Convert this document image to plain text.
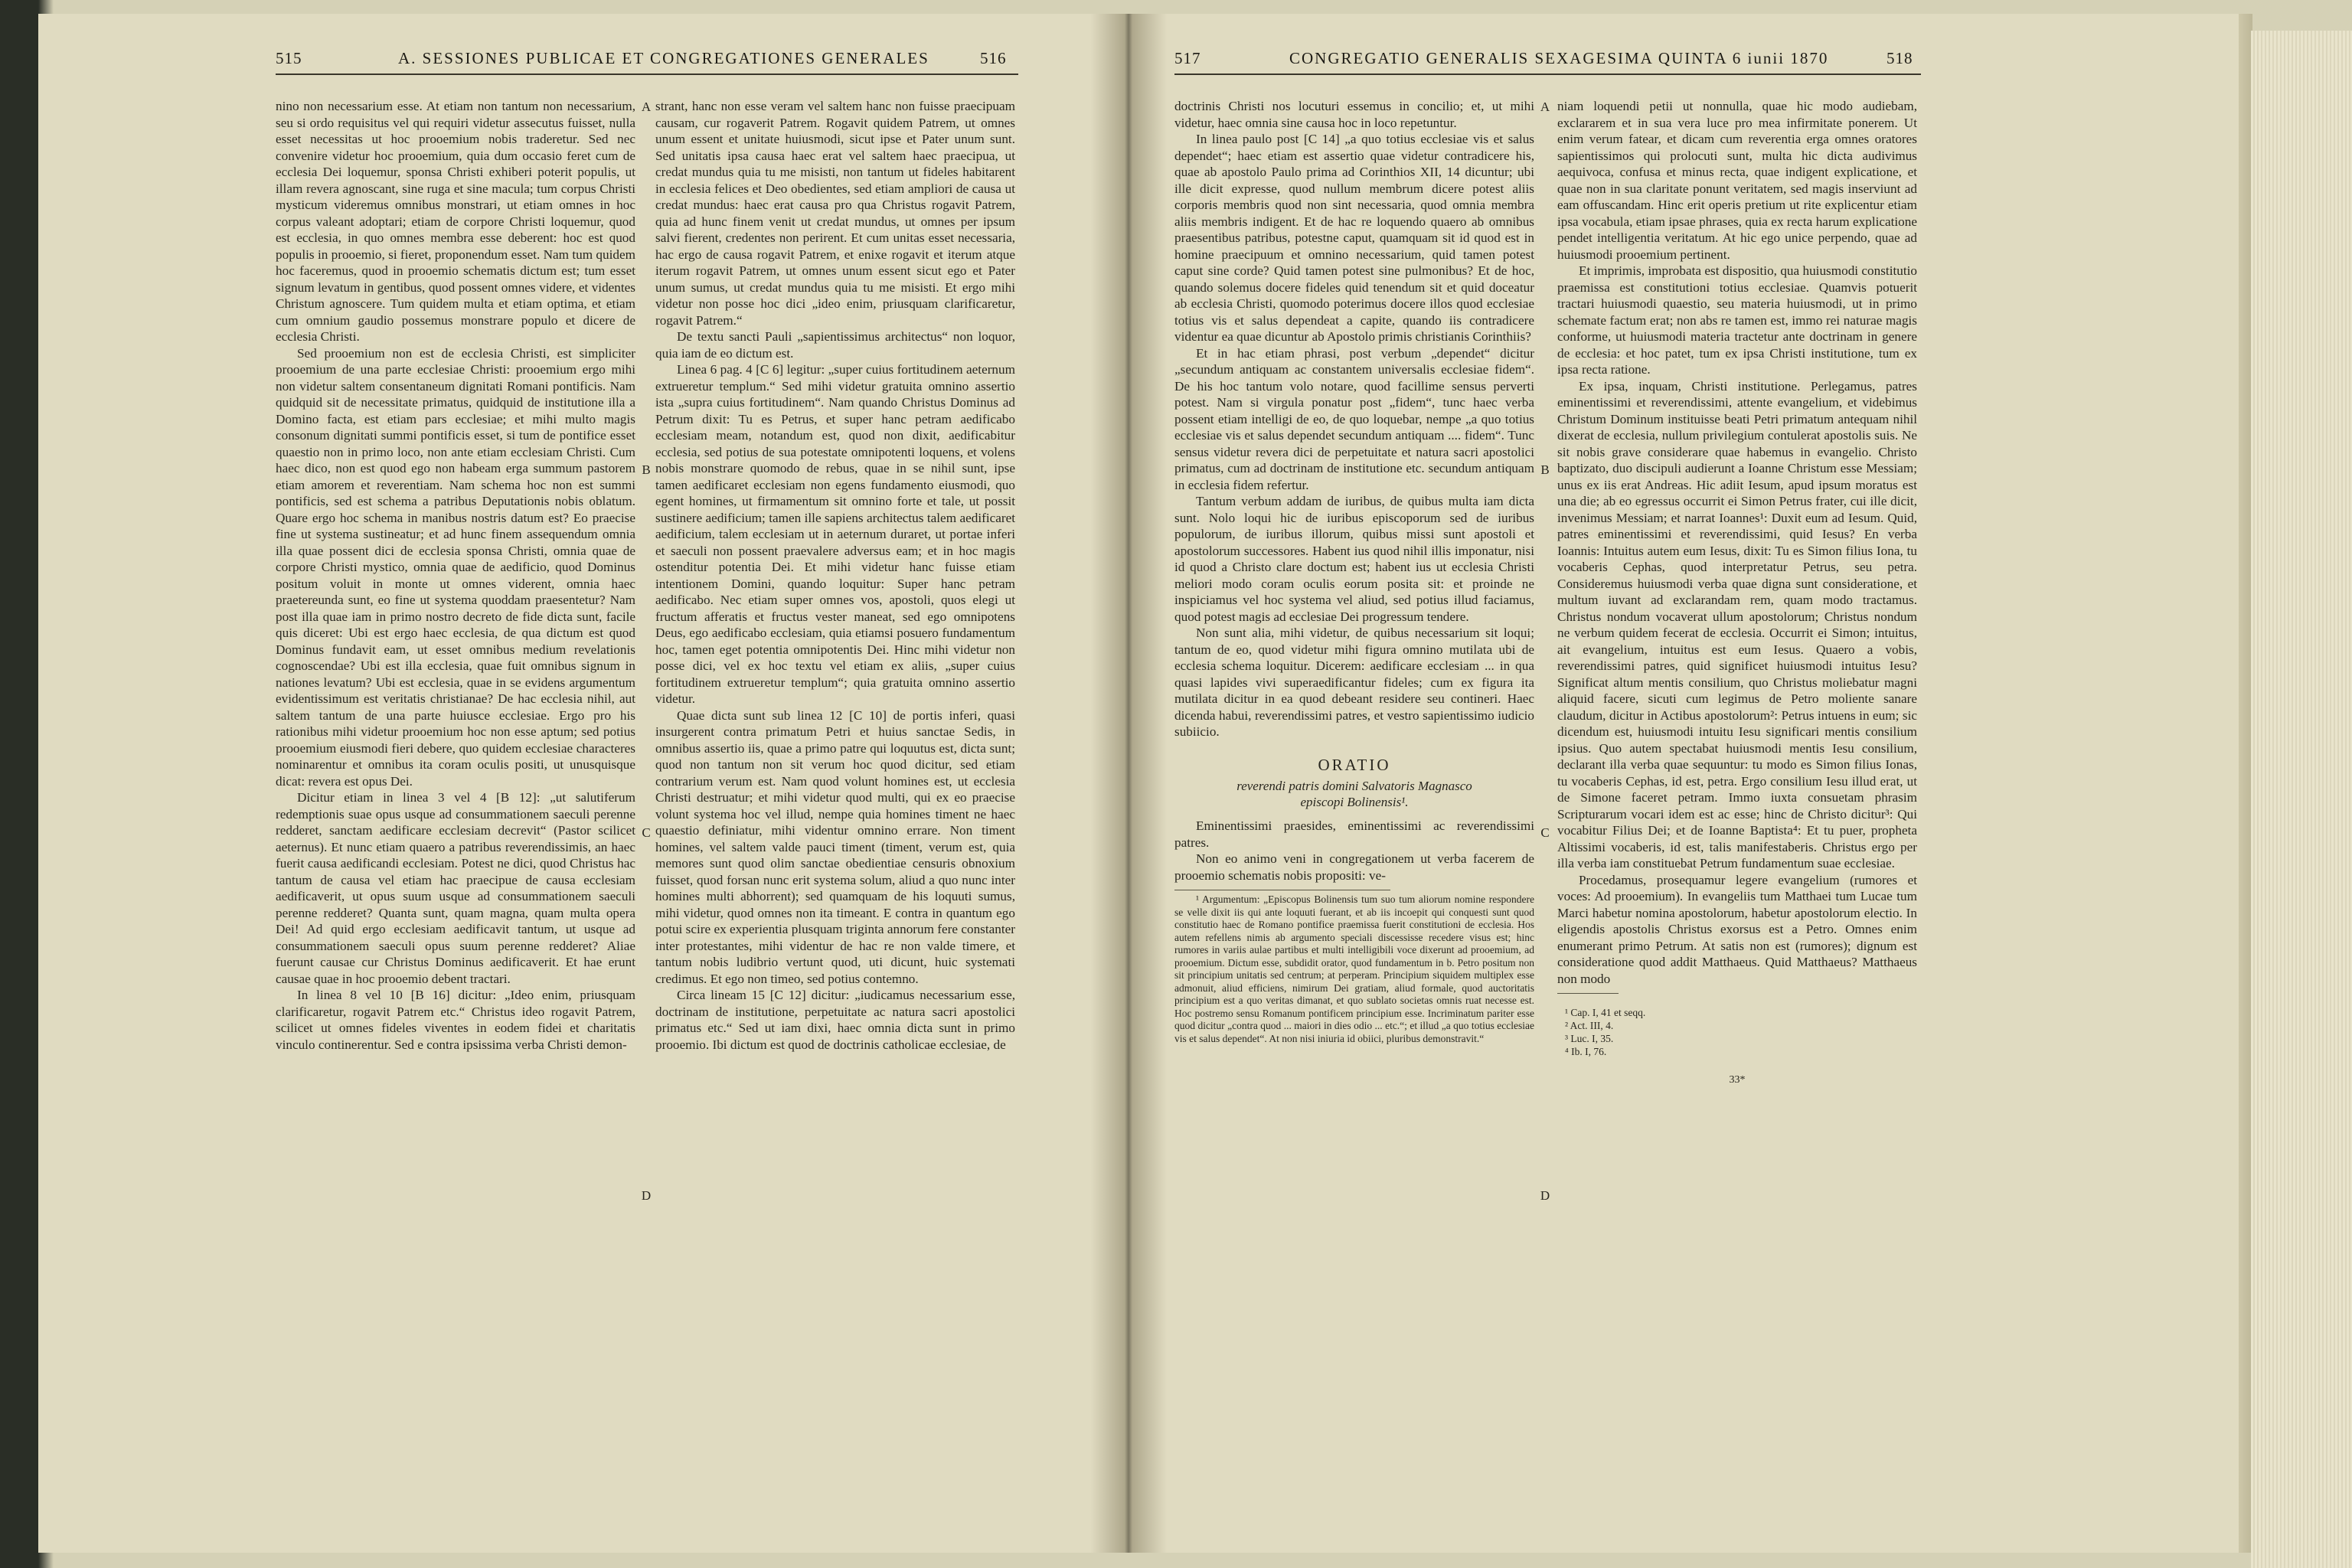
515	A. SESSIONES PUBLICAE ET CONGREGATIONES GENERALES	516

nino non necessarium esse. At etiam non tantum non necessarium, seu si ordo requisitus vel qui requiri videtur assecutus fuisset, nulla esset necessitas ut hoc prooemium nobis traderetur. Sed nec convenire videtur hoc prooemium, quia dum occasio feret cum de ecclesia Dei loquemur, sponsa Christi exhiberi poterit populis, ut illam revera agnoscant, sine ruga et sine macula; tum corpus Christi mysticum videremus omnibus monstrari, ut etiam omnes in hoc corpus valeant adoptari; etiam de corpore Christi loquemur, quod est ecclesia, in quo omnes membra esse deberent: hoc est quod populis in prooemio, si fieret, proponendum esset. Nam tum quidem hoc faceremus, quod in prooemio schematis dictum est; tum esset signum levatum in gentibus, quod possent omnes videre, et videntes Christum agnoscere. Tum quidem multa et etiam optima, et etiam cum omnium gaudio possemus monstrare populo et dicere de ecclesia Christi.

Sed prooemium non est de ecclesia Christi, est simpliciter prooemium de una parte ecclesiae Christi: prooemium ergo mihi non videtur saltem consentaneum dignitati Romani pontificis. Nam quidquid sit de necessitate primatus, quidquid de institutione illa a Domino facta, est etiam pars ecclesiae; et mihi multo magis consonum dignitati summi pontificis esset, si tum de pontifice esset quaestio non in primo loco, non ante etiam ecclesiam Christi. Cum haec dico, non est quod ego non habeam erga summum pastorem etiam amorem et reverentiam. Nam schema hoc non est summi pontificis, sed est schema a patribus Deputationis nobis oblatum. Quare ergo hoc schema in manibus nostris datum est? Eo praecise fine ut systema sustineatur; et ad hunc finem assequendum omnia illa quae possent dici de ecclesia sponsa Christi, omnia quae de corpore Christi mystico, omnia quae de aedificio, quod Dominus positum voluit in monte ut omnes viderent, omnia haec praetereunda sunt, eo fine ut systema quoddam praesentetur? Nam post illa quae iam in primo nostro decreto de fide dicta sunt, facile quis diceret: Ubi est ergo haec ecclesia, de qua dictum est quod Dominus fundavit eam, ut esset omnibus medium revelationis cognoscendae? Ubi est illa ecclesia, quae fuit omnibus signum in nationes levatum? Ubi est ecclesia, quae in se evidens argumentum evidentissimum est veritatis christianae? De hac ecclesia nihil, aut saltem tantum de una parte huiusce ecclesiae. Ergo pro his rationibus mihi videtur prooemium hoc non esse aptum; sed potius prooemium eiusmodi fieri debere, quo quidem ecclesiae characteres nominarentur et omnibus ita coram oculis positi, ut unusquisque dicat: revera est opus Dei.

Dicitur etiam in linea 3 vel 4 [B 12]: „ut salutiferum redemptionis suae opus usque ad consummationem saeculi perenne redderet, sanctam aedificare ecclesiam decrevit“ (Pastor scilicet aeternus). Et nunc etiam quaero a patribus reverendissimis, an haec fuerit causa aedificandi ecclesiam. Potest ne dici, quod Christus hac tantum de causa vel etiam hac praecipue de causa ecclesiam aedificaverit, ut opus suum usque ad consummationem saeculi perenne redderet? Quanta sunt, quam magna, quam multa opera Dei! Ad quid ergo ecclesiam aedificavit tantum, ut usque ad consummationem saeculi opus suum perenne redderet? Aliae fuerunt causae cur Christus Dominus aedificaverit. Et hae erunt causae quae in hoc prooemio debent tractari.

In linea 8 vel 10 [B 16] dicitur: „Ideo enim, priusquam clarificaretur, rogavit Patrem etc.“ Christus ideo rogavit Patrem, scilicet ut omnes fideles viventes in eodem fidei et charitatis vinculo continerentur. Sed e contra ipsissima verba Christi demon-

A
B
C
D

strant, hanc non esse veram vel saltem hanc non fuisse praecipuam causam, cur rogaverit Patrem. Rogavit quidem Patrem, ut omnes unum essent et unitate huiusmodi, sicut ipse et Pater unum sunt. Sed unitatis ipsa causa haec erat vel saltem haec praecipua, ut credat mundus quia tu me misisti, non tantum ut fideles habitarent in ecclesia felices et Deo obedientes, sed etiam ampliori de causa ut credat mundus: haec erat causa pro qua Christus rogavit Patrem, quia ad hunc finem venit ut credat mundus, ut omnes per ipsum salvi fierent, credentes non perirent. Et cum unitas esset necessaria, hac ergo de causa rogavit Patrem, et enixe rogavit et iterum atque iterum rogavit Patrem, ut omnes unum essent sicut ego et Pater unum sumus, ut credat mundus quia tu me misisti. Et ergo mihi videtur non posse hoc dici „ideo enim, priusquam clarificaretur, rogavit Patrem.“

De textu sancti Pauli „sapientissimus architectus“ non loquor, quia iam de eo dictum est.

Linea 6 pag. 4 [C 6] legitur: „super cuius fortitudinem aeternum extrueretur templum.“ Sed mihi videtur gratuita omnino assertio ista „supra cuius fortitudinem“. Nam quando Christus Dominus ad Petrum dixit: Tu es Petrus, et super hanc petram aedificabo ecclesiam meam, notandum est, quod non dixit, aedificabitur ecclesia, sed potius de sua potestate omnipotenti loquens, et volens nobis monstrare quomodo de rebus, quae in se nihil sunt, ipse tamen aedificaret ecclesiam non egens fundamento eiusmodi, quo egent homines, ut firmamentum sit omnino forte et tale, ut possit sustinere aedificium; tamen ille sapiens architectus talem aedificaret aedificium, talem ecclesiam ut in aeternum duraret, ut portae inferi et saeculi non possent praevalere adversus eam; et in hoc magis ostenditur potentia Dei. Et mihi videtur hanc fuisse etiam intentionem Domini, quando loquitur: Super hanc petram aedificabo. Nec etiam super omnes vos, apostoli, quos elegi ut fructum afferatis et fructus vester maneat, sed ego omnipotens Deus, ego aedificabo ecclesiam, quia etiamsi posuero fundamentum hoc, tamen eget potentia omnipotentis Dei. Hinc mihi videtur non posse dici, vel ex hoc textu vel etiam ex aliis, „super cuius fortitudinem extrueretur templum“; quia gratuita omnino assertio videtur.

Quae dicta sunt sub linea 12 [C 10] de portis inferi, quasi insurgerent contra primatum Petri et huius sanctae Sedis, in omnibus assertio iis, quae a primo patre qui loquutus est, dicta sunt; quod non tantum non sit verum hoc quod dicitur, sed etiam contrarium verum est. Nam quod volunt homines est, ut ecclesia Christi destruatur; et mihi videtur quod multi, qui ex eo praecise volunt systema hoc vel illud, nempe quia homines timent ne haec quaestio definiatur, mihi videntur omnino errare. Non timent homines, vel saltem valde pauci timent (timent, verum est, quia memores sunt quod olim sanctae obedientiae censuris obnoxium fuisset, quod forsan nunc erit systema solum, aliud a quo nunc inter homines multi abhorrent); sed quamquam de his loquuti sumus, mihi videtur, quod omnes non ita timeant. E contra in quantum ego potui scire ex experientia plusquam triginta annorum fere constanter inter protestantes, mihi videntur de hac re non valde timere, et tantum nobis ludibrio vertunt quod, uti dicunt, huic systemati credimus. Et ego non timeo, sed potius contemno.

Circa lineam 15 [C 12] dicitur: „iudicamus necessarium esse, doctrinam de institutione, perpetuitate ac natura sacri apostolici primatus etc.“ Sed ut iam dixi, haec omnia dicta sunt in primo prooemio. Ibi dictum est quod de doctrinis catholicae ecclesiae, de

517	CONGREGATIO GENERALIS SEXAGESIMA QUINTA 6 iunii 1870	518

doctrinis Christi nos locuturi essemus in concilio; et, ut mihi videtur, haec omnia sine causa hoc in loco repetuntur.

In linea paulo post [C 14] „a quo totius ecclesiae vis et salus dependet“; haec etiam est assertio quae videtur contradicere his, quae ab apostolo Paulo prima ad Corinthios XII, 14 dicuntur; ubi ille dicit expresse, quod nullum membrum dicere potest aliis corporis membris quod non sint necessaria, quod omnia membra aliis membris indigent. Et de hac re loquendo quaero ab omnibus praesentibus patribus, potestne caput, quamquam sit id quod est in homine praecipuum et omnino necessarium, quid tamen potest caput sine corde? Quid tamen potest sine pulmonibus? Et de hoc, quando solemus docere fideles quid tenendum sit et quid doceatur ab ecclesia Christi, quomodo poterimus docere illos quod ecclesiae totius vis et salus dependeat a capite, quando iis contradicere videntur ea quae dicuntur ab Apostolo primis christianis Corinthiis?

Et in hac etiam phrasi, post verbum „dependet“ dicitur „secundum antiquam ac constantem universalis ecclesiae fidem“. De his hoc tantum volo notare, quod facillime sensus perverti potest. Nam si virgula ponatur post „fidem“, tunc haec verba possent etiam intelligi de eo, de quo loquebar, nempe „a quo totius ecclesiae vis et salus dependet secundum antiquam .... fidem“. Tunc sensus videtur revera dici de perpetuitate et natura sacri apostolici primatus, cum ad doctrinam de institutione etc. secundum antiquam in ecclesia fidem refertur.

Tantum verbum addam de iuribus, de quibus multa iam dicta sunt. Nolo loqui hic de iuribus episcoporum sed de iuribus populorum, de iuribus illorum, quibus missi sunt apostoli et apostolorum successores. Habent ius quod nihil illis imponatur, nisi id quod a Christo clare doctum est; habent ius ut ecclesia Christi meliori modo coram oculis eorum posita sit: et proinde ne inspiciamus vel hoc systema vel aliud, sed potius illud faciamus, quod potest magis ad ecclesiae Dei progressum tendere.

Non sunt alia, mihi videtur, de quibus necessarium sit loqui; tantum de eo, quod videtur mihi figura omnino mutilata ubi de ecclesia schema loquitur. Dicerem: aedificare ecclesiam ... in qua quasi lapides vivi superaedificantur fideles; cum ex figura ita mutilata dicitur in ea quod debeant residere seu contineri. Haec dicenda habui, reverendissimi patres, et vestro sapientissimo iudicio subiicio.

ORATIO
reverendi patris domini Salvatoris Magnasco
episcopi Bolinensis¹.

Eminentissimi praesides, eminentissimi ac reverendissimi patres.

Non eo animo veni in congregationem ut verba facerem de prooemio schematis nobis propositi: ve-

¹ Argumentum: „Episcopus Bolinensis tum suo tum aliorum nomine respondere se velle dixit iis qui ante loquuti fuerant, et ab iis incoepit qui conquesti sunt quod constitutio haec de Romano pontifice praemissa fuerit constitutioni de ecclesia. Hos autem refellens nimis ab argumento speciali discessisse recedere visus est; hinc rumores in variis aulae partibus et multi intelligibili voce dixerunt ad prooemium, ad prooemium. Dictum esse, subdidit orator, quod fundamentum in b. Petro positum non sit principium unitatis sed centrum; at perperam. Principium siquidem multiplex esse admonuit, aliud efficiens, nimirum Dei gratiam, aliud formale, quod auctoritatis principium est a quo veritas dimanat, et quo sublato societas omnis ruat necesse est. Hoc postremo sensu Romanum pontificem principium esse. Incriminatum pariter esse quod dicitur „contra quod ... maiori in dies odio ... etc.“; et illud „a quo totius ecclesiae vis et salus dependet“. At non nisi iniuria id obiici, pluribus demonstravit.“

A
B
C
D

niam loquendi petii ut nonnulla, quae hic modo audiebam, exclararem et in sua vera luce pro mea infirmitate ponerem. Ut enim verum fatear, et dicam cum reverentia erga omnes oratores sapientissimos qui prolocuti sunt, multa hic dicta audivimus aequivoca, confusa et minus recta, quae indigent explicatione, et quae non in sua claritate ponunt veritatem, sed magis inserviunt ad eam offuscandam. Hinc erit operis pretium ut rite explicentur etiam ipsa vocabula, etiam ipsae phrases, quia ex recta harum explicatione pendet intelligentia veritatum. At hic ego unice perpendo, quae ad huiusmodi prooemium pertinent.

Et imprimis, improbata est dispositio, qua huiusmodi constitutio praemissa est constitutioni totius ecclesiae. Quamvis potuerit tractari huiusmodi quaestio, seu materia huiusmodi, ut in primo schemate factum erat; non abs re tamen est, immo rei naturae magis conforme, ut huiusmodi materia tractetur ante doctrinam in genere de ecclesia: et hoc patet, tum ex ipsa Christi institutione, tum ex ipsa recta ratione.

Ex ipsa, inquam, Christi institutione. Perlegamus, patres eminentissimi et reverendissimi, attente evangelium, et videbimus Christum Dominum instituisse beati Petri primatum antequam nihil dixerat de ecclesia, nullum privilegium contulerat apostolis suis. Ne sit nobis grave considerare quae habemus in evangelio. Christo baptizato, duo discipuli audierunt a Ioanne Christum esse Messiam; unus ex iis erat Andreas. Hic adiit Iesum, apud ipsum moratus est una die; ab eo egressus occurrit ei Simon Petrus frater, cui ille dicit, invenimus Messiam; et narrat Ioannes¹: Duxit eum ad Iesum. Quid, patres eminentissimi et reverendissimi, quid Iesus? En verba Ioannis: Intuitus autem eum Iesus, dixit: Tu es Simon filius Iona, tu vocaberis Cephas, quod interpretatur Petrus, seu petra. Consideremus huiusmodi verba quae digna sunt consideratione, et multum iuvant ad exclarandam rem, quam modo tractamus. Christus nondum vocaverat ullum apostolorum; Christus nondum ne verbum quidem fecerat de ecclesia. Occurrit ei Simon; intuitus, ait evangelium, intuitus est eum Iesus. Quaero a vobis, reverendissimi patres, quid significet huiusmodi intuitus Iesu? Significat altum mentis consilium, quo Christus moliebatur magni aliquid facere, sicuti cum legimus de Petro moliente sanare claudum, dicitur in Actibus apostolorum²: Petrus intuens in eum; sic dicendum est, huiusmodi intuitu Iesu significari mentis consilium ipsius. Quo autem spectabat huiusmodi mentis Iesu consilium, declarant illa verba quae sequuntur: tu modo es Simon filius Ionas, tu vocaberis Cephas, id est, petra. Ergo consilium Iesu illud erat, ut de Simone faceret petram. Immo iuxta consuetam phrasim Scripturarum vocari idem est ac esse; hinc de Christo dicitur³: Qui vocabitur Filius Dei; et de Ioanne Baptista⁴: Et tu puer, propheta Altissimi vocaberis, id est, talis manifestaberis. Christus ergo per illa verba iam constituebat Petrum fundamentum suae ecclesiae.

Procedamus, prosequamur legere evangelium (rumores et voces: Ad prooemium). In evangeliis tum Matthaei tum Lucae tum Marci habetur nomina apostolorum, habetur apostolorum electio. In eligendis apostolis Christus exorsus est a Petro. Omnes enim enumerant primo Petrum. At satis non est (rumores); dignum est consideratione quod addit Matthaeus. Quid Matthaeus? Matthaeus non modo

¹ Cap. I, 41 et seqq.
² Act. III, 4.
³ Luc. I, 35.
⁴ Ib. I, 76.
33*
